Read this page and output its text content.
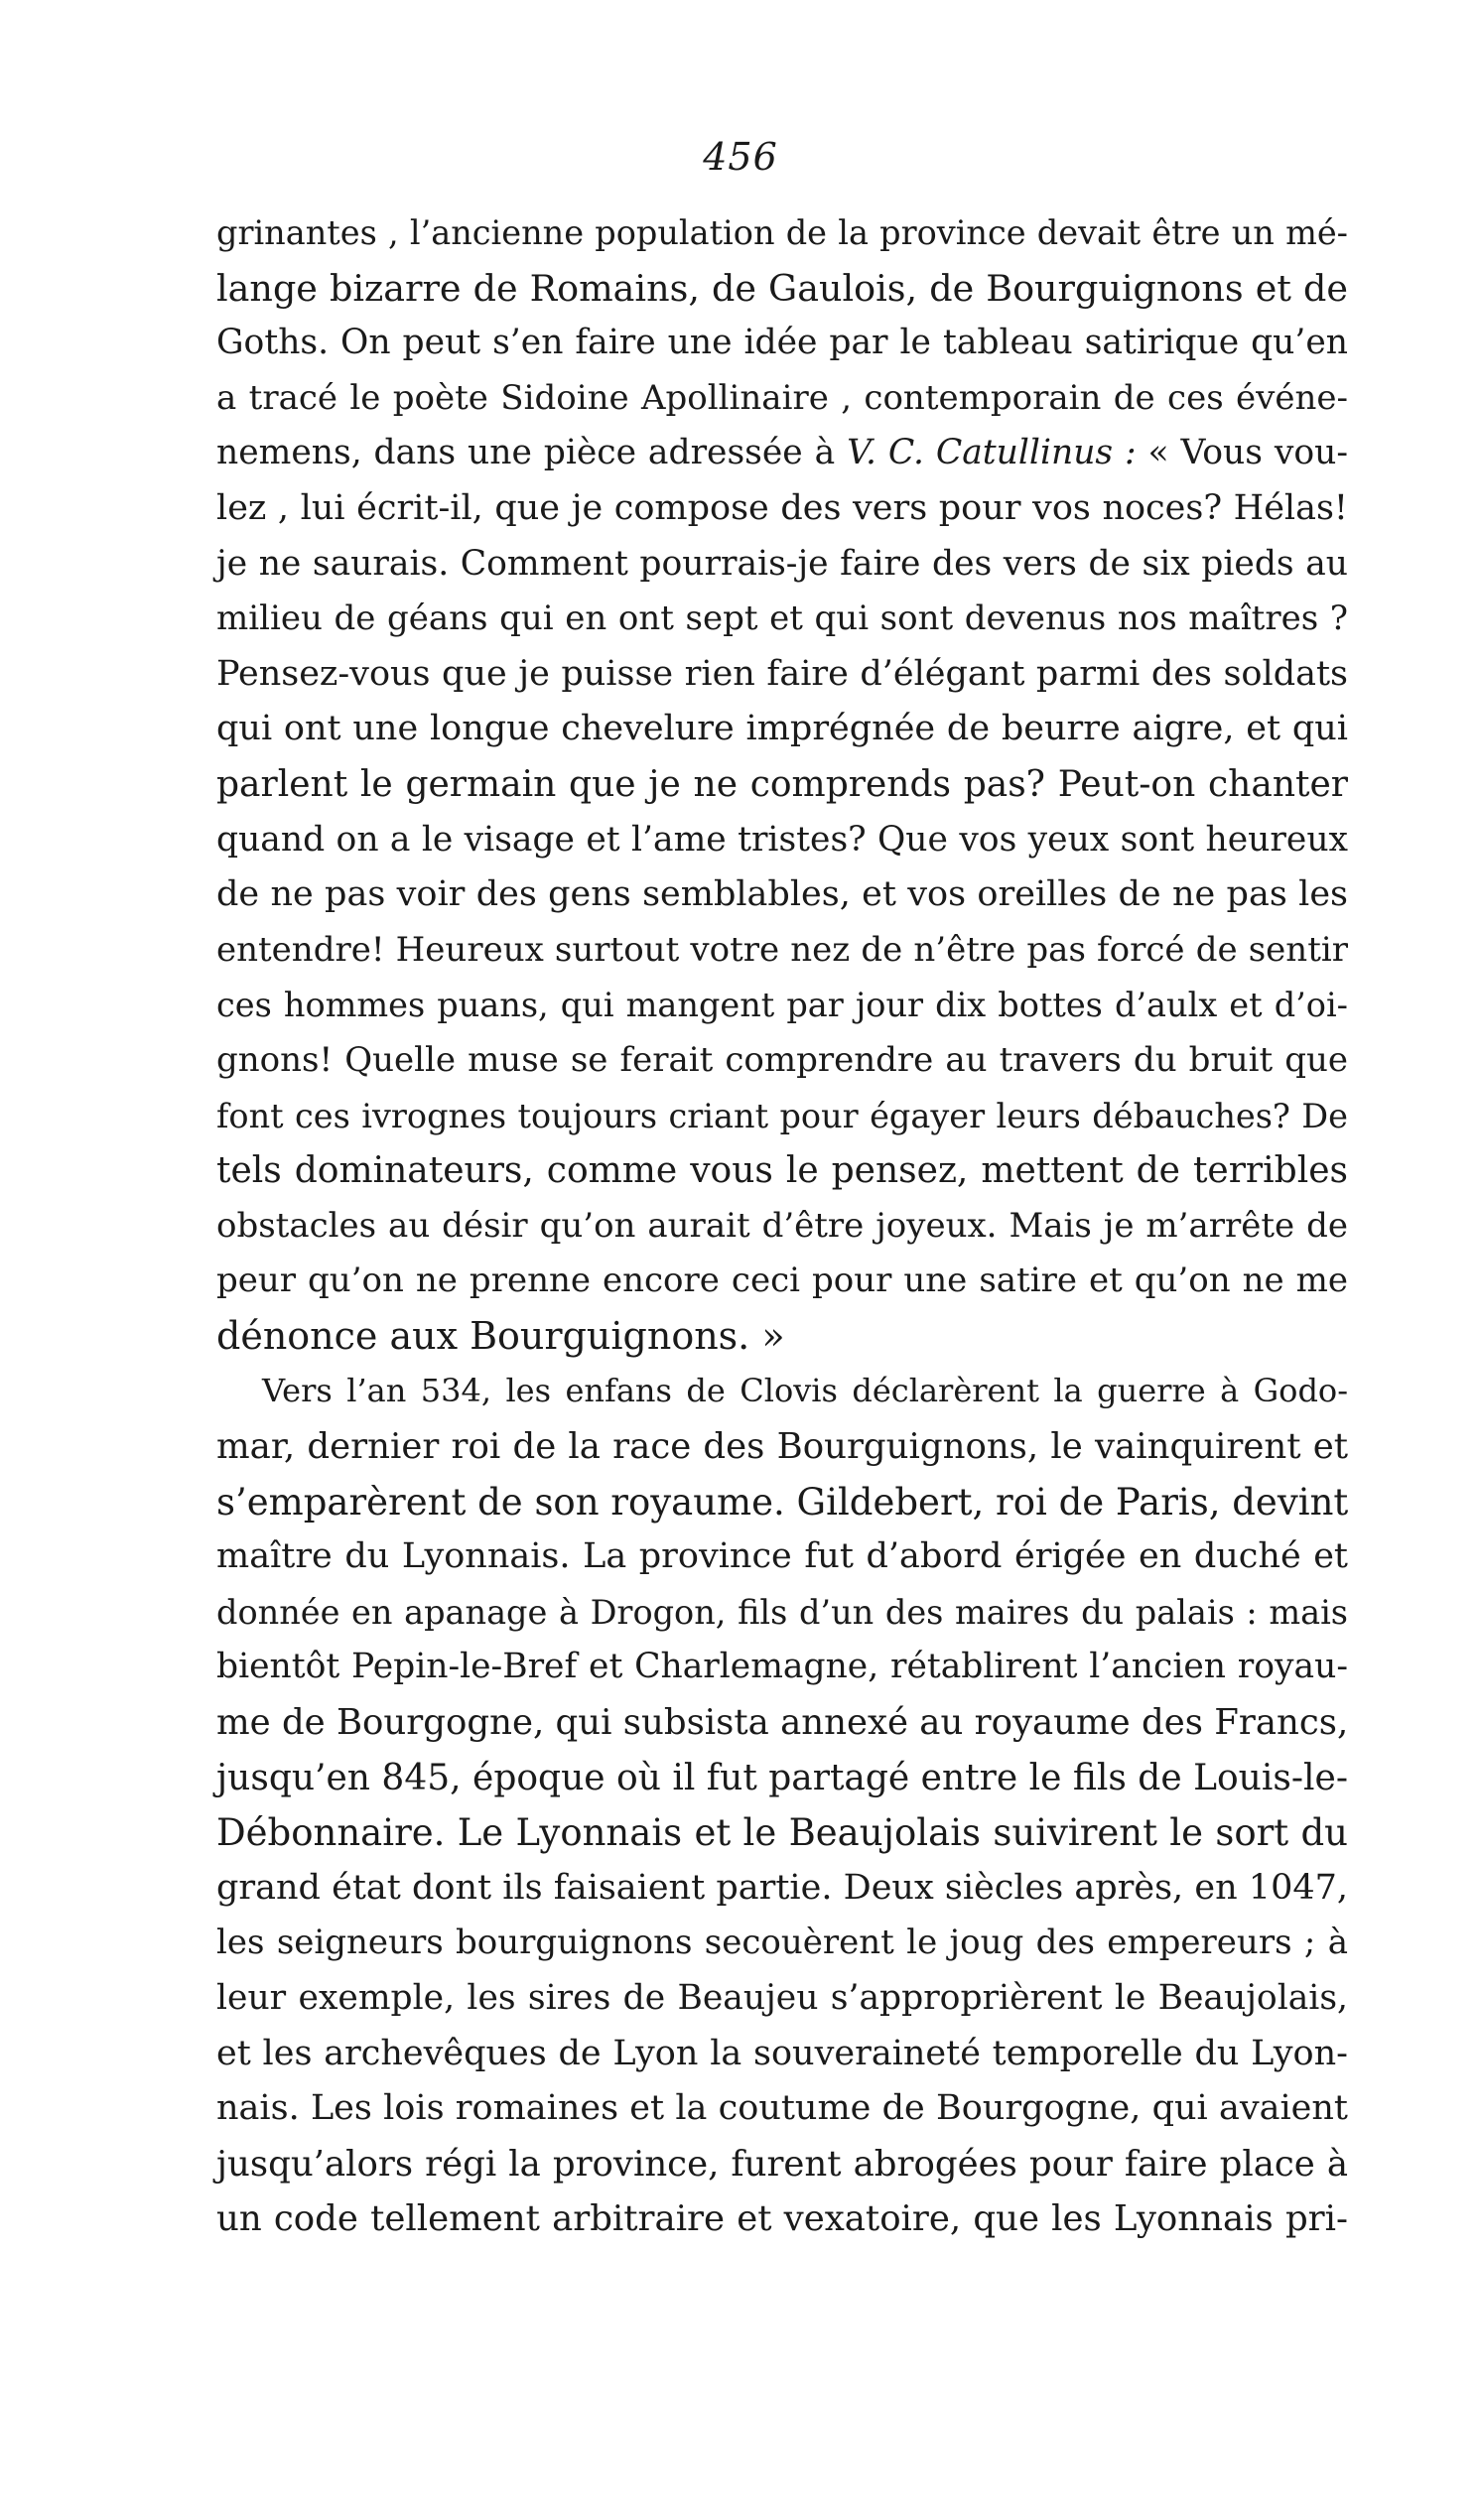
456
grinantes , l’ancienne population de la province devait être un mé-
lange bizarre de Romains, de Gaulois, de Bourguignons et de
Goths. On peut s’en faire une idée par le tableau satirique qu’en
a tracé le poète Sidoine Apollinaire , contemporain de ces événe-
nemens, dans une pièce adressée à V. C. Catullinus : « Vous vou-
lez , lui écrit-il, que je compose des vers pour vos noces? Hélas!
je ne saurais. Comment pourrais-je faire des vers de six pieds au
milieu de géans qui en ont sept et qui sont devenus nos maîtres ?
Pensez-vous que je puisse rien faire d’élégant parmi des soldats
qui ont une longue chevelure imprégnée de beurre aigre, et qui
parlent le germain que je ne comprends pas? Peut-on chanter
quand on a le visage et l’ame tristes? Que vos yeux sont heureux
de ne pas voir des gens semblables, et vos oreilles de ne pas les
entendre! Heureux surtout votre nez de n’être pas forcé de sentir
ces hommes puans, qui mangent par jour dix bottes d’aulx et d’oi-
gnons! Quelle muse se ferait comprendre au travers du bruit que
font ces ivrognes toujours criant pour égayer leurs débauches? De
tels dominateurs, comme vous le pensez, mettent de terribles
obstacles au désir qu’on aurait d’être joyeux. Mais je m’arrête de
peur qu’on ne prenne encore ceci pour une satire et qu’on ne me
dénonce aux Bourguignons. »
Vers l’an 534, les enfans de Clovis déclarèrent la guerre à Godo-
mar, dernier roi de la race des Bourguignons, le vainquirent et
s’emparèrent de son royaume. Gildebert, roi de Paris, devint
maître du Lyonnais. La province fut d’abord érigée en duché et
donnée en apanage à Drogon, fils d’un des maires du palais : mais
bientôt Pepin-le-Bref et Charlemagne, rétablirent l’ancien royau-
me de Bourgogne, qui subsista annexé au royaume des Francs,
jusqu’en 845, époque où il fut partagé entre le fils de Louis-le-
Débonnaire. Le Lyonnais et le Beaujolais suivirent le sort du
grand état dont ils faisaient partie. Deux siècles après, en 1047,
les seigneurs bourguignons secouèrent le joug des empereurs ; à
leur exemple, les sires de Beaujeu s’approprièrent le Beaujolais,
et les archevêques de Lyon la souveraineté temporelle du Lyon-
nais. Les lois romaines et la coutume de Bourgogne, qui avaient
jusqu’alors régi la province, furent abrogées pour faire place à
un code tellement arbitraire et vexatoire, que les Lyonnais pri-
